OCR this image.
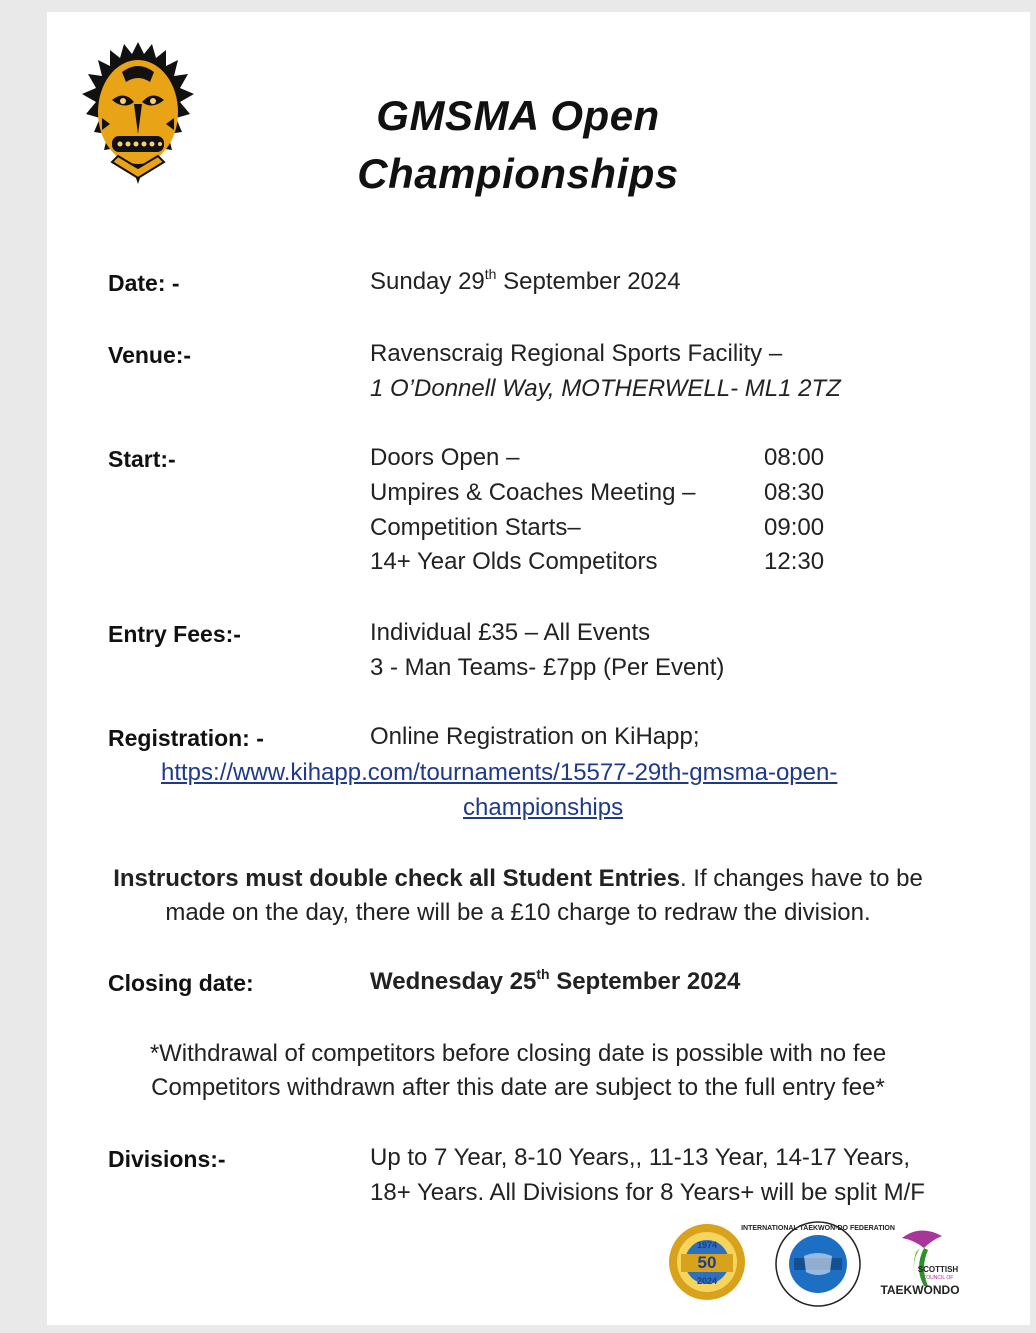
GMSMA Open
Championships
Date: -	Sunday 29th September 2024
Venue:-	Ravenscraig Regional Sports Facility –
1 O’Donnell Way, MOTHERWELL- ML1 2TZ
Start:-	Doors Open –	08:00
Umpires & Coaches Meeting –	08:30
Competition Starts–	09:00
14+ Year Olds Competitors	12:30
Entry Fees:-	Individual £35 – All Events
3 - Man Teams- £7pp (Per Event)
Registration: -	Online Registration on KiHapp;
https://www.kihapp.com/tournaments/15577-29th-gmsma-open-
championships
Instructors must double check all Student Entries. If changes have to be
made on the day, there will be a £10 charge to redraw the division.
Closing date:	Wednesday 25th September 2024
*Withdrawal of competitors before closing date is possible with no fee
Competitors withdrawn after this date are subject to the full entry fee*
Divisions:-	Up to 7 Year, 8-10 Years,, 11-13 Year, 14-17 Years,
18+ Years. All Divisions for 8 Years+ will be split M/F
50
1974
2024
INTERNATIONAL TAEKWON-DO FEDERATION
SCOTTISH
COUNCIL OF
TAEKWONDO
